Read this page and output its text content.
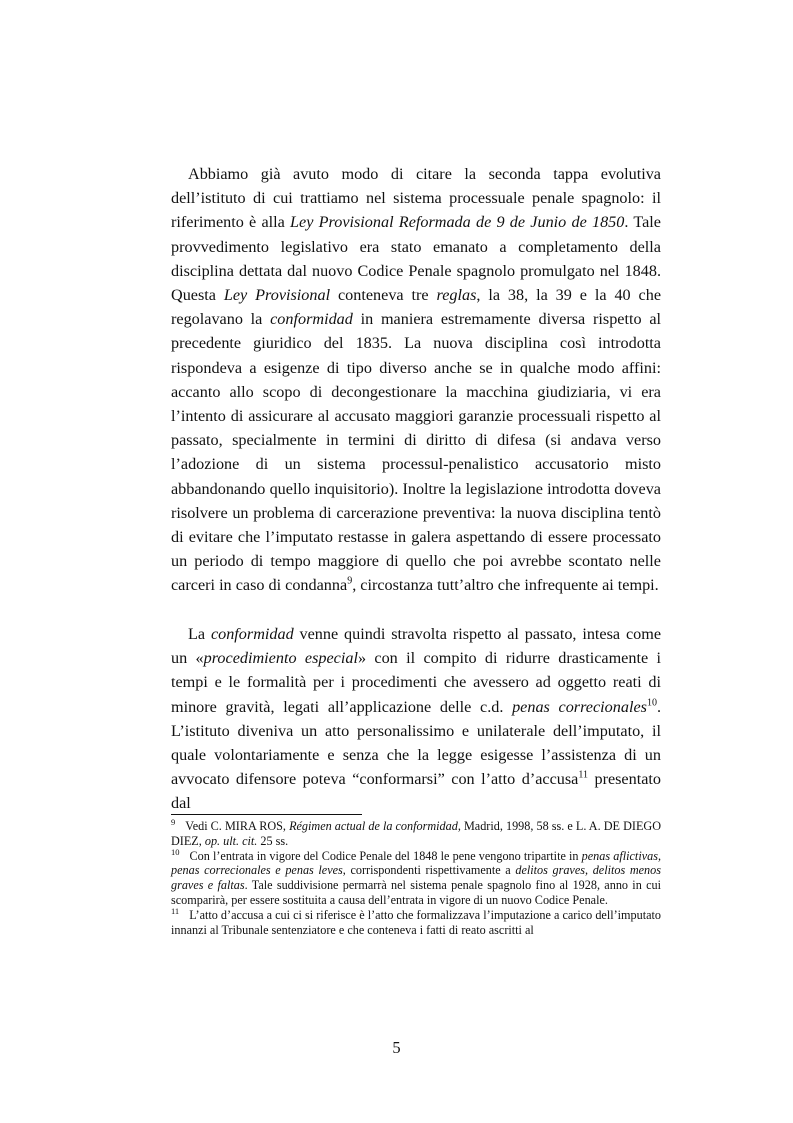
Abbiamo già avuto modo di citare la seconda tappa evolutiva dell’istituto di cui trattiamo nel sistema processuale penale spagnolo: il riferimento è alla Ley Provisional Reformada de 9 de Junio de 1850. Tale provvedimento legislativo era stato emanato a completamento della disciplina dettata dal nuovo Codice Penale spagnolo promulgato nel 1848. Questa Ley Provisional conteneva tre reglas, la 38, la 39 e la 40 che regolavano la conformidad in maniera estremamente diversa rispetto al precedente giuridico del 1835. La nuova disciplina così introdotta rispondeva a esigenze di tipo diverso anche se in qualche modo affini: accanto allo scopo di decongestionare la macchina giudiziaria, vi era l’intento di assicurare al accusato maggiori garanzie processuali rispetto al passato, specialmente in termini di diritto di difesa (si andava verso l’adozione di un sistema processul-penalistico accusatorio misto abbandonando quello inquisitorio). Inoltre la legislazione introdotta doveva risolvere un problema di carcerazione preventiva: la nuova disciplina tentò di evitare che l’imputato restasse in galera aspettando di essere processato un periodo di tempo maggiore di quello che poi avrebbe scontato nelle carceri in caso di condanna$^9$, circostanza tutt’altro che infrequente ai tempi.

La conformidad venne quindi stravolta rispetto al passato, intesa come un «procedimiento especial» con il compito di ridurre drasticamente i tempi e le formalità per i procedimenti che avessero ad oggetto reati di minore gravità, legati all’applicazione delle c.d. penas correcionales$^{10}$. L’istituto diveniva un atto personalissimo e unilaterale dell’imputato, il quale volontariamente e senza che la legge esigesse l’assistenza di un avvocato difensore poteva “conformarsi” con l’atto d’accusa$^{11}$ presentato dal

$^9$ Vedi C. MIRA ROS, Régimen actual de la conformidad, Madrid, 1998, 58 ss. e L. A. DE DIEGO DIEZ, op. ult. cit. 25 ss.

$^{10}$ Con l’entrata in vigore del Codice Penale del 1848 le pene vengono tripartite in penas aflictivas, penas correcionales e penas leves, corrispondenti rispettivamente a delitos graves, delitos menos graves e faltas. Tale suddivisione permarrà nel sistema penale spagnolo fino al 1928, anno in cui scomparirà, per essere sostituita a causa dell’entrata in vigore di un nuovo Codice Penale.

$^{11}$ L’atto d’accusa a cui ci si riferisce è l’atto che formalizzava l’imputazione a carico dell’imputato innanzi al Tribunale sentenziatore e che conteneva i fatti di reato ascritti al

5
